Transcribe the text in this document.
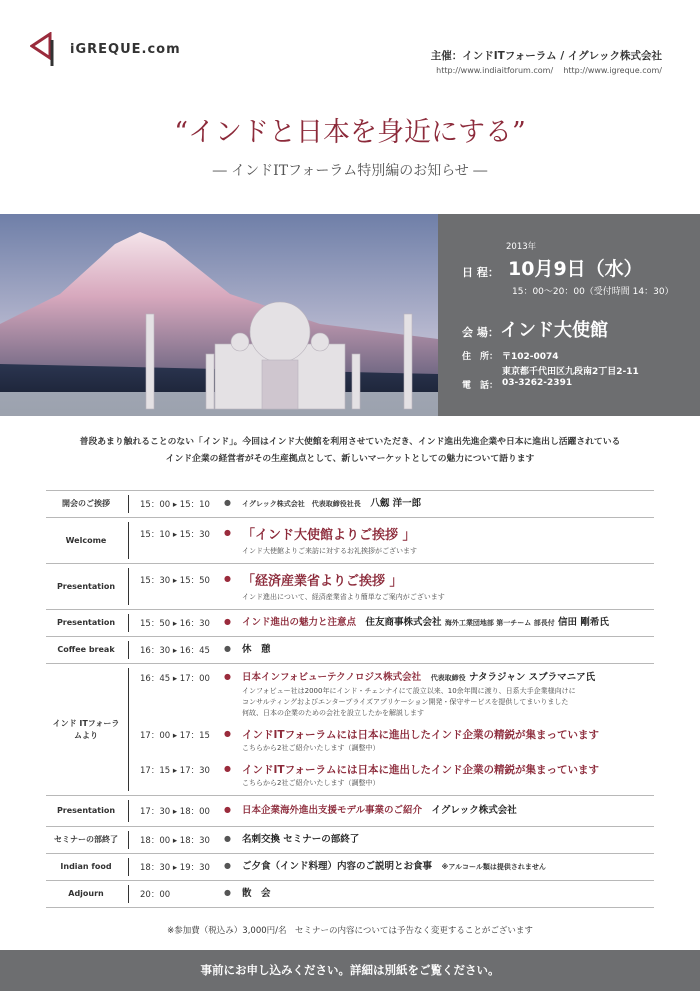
iGREQUE.com	主催：インドITフォーラム / イグレック株式会社
http://www.indiaitforum.com/    http://www.igreque.com/
“インドと日本を身近にする”
― インドITフォーラム特別編のお知らせ ―
2013年
日 程： 10月9日（水）
15：00～20：00（受付時間 14：30）
会 場： インド大使館
住　所： 〒102-0074
東京都千代田区九段南2丁目2-11
電　話： 03-3262-2391
普段あまり触れることのない「インド」。今回はインド大使館を利用させていただき、インド進出先進企業や日本に進出し活躍されている
インド企業の経営者がその生産拠点として、新しいマーケットとしての魅力について語ります
開会のご挨拶	15：00 ▸ 15：10 ● イグレック株式会社　代表取締役社長　 八劔 洋一郎
Welcome	15：10 ▸ 15：30 ● 「インド大使館よりご挨拶 」
インド大使館よりご来訪に対するお礼挨拶がございます
Presentation	15：30 ▸ 15：50 ● 「経済産業省よりご挨拶 」
インド進出について、経済産業省より簡単なご案内がございます
Presentation	15：50 ▸ 16：30 ● インド進出の魅力と注意点　 住友商事株式会社 海外工業団地部 第一チーム 部長付 信田 剛希氏
Coffee break	16：30 ▸ 16：45 ● 休　憩
インド ITフォーラムより
16：45 ▸ 17：00 ● 日本インフォビューテクノロジス株式会社　 代表取締役 ナタラジャン スブラマニア氏
インフォビュー社は2000年にインド・チェンナイにて設立以来、10余年間に渡り、日系大手企業様向けに
コンサルティングおよびエンタープライズアプリケーション開発・保守サービスを提供してまいりました
何故、日本の企業のための会社を設立したかを解説します
17：00 ▸ 17：15 ● インドITフォーラムには日本に進出したインド企業の精鋭が集まっています
こちらから2社ご紹介いたします（調整中）
17：15 ▸ 17：30 ● インドITフォーラムには日本に進出したインド企業の精鋭が集まっています
こちらから2社ご紹介いたします（調整中）
Presentation	17：30 ▸ 18：00 ● 日本企業海外進出支援モデル事業のご紹介　 イグレック株式会社
セミナーの部終了	18：00 ▸ 18：30 ● 名刺交換 セミナーの部終了
Indian food	18：30 ▸ 19：30 ● ご夕食（インド料理）内容のご説明とお食事　 ※アルコール類は提供されません
Adjourn	20：00	● 散　会
※参加費（税込み）3,000円/名　セミナーの内容については予告なく変更することがございます
事前にお申し込みください。詳細は別紙をご覧ください。
